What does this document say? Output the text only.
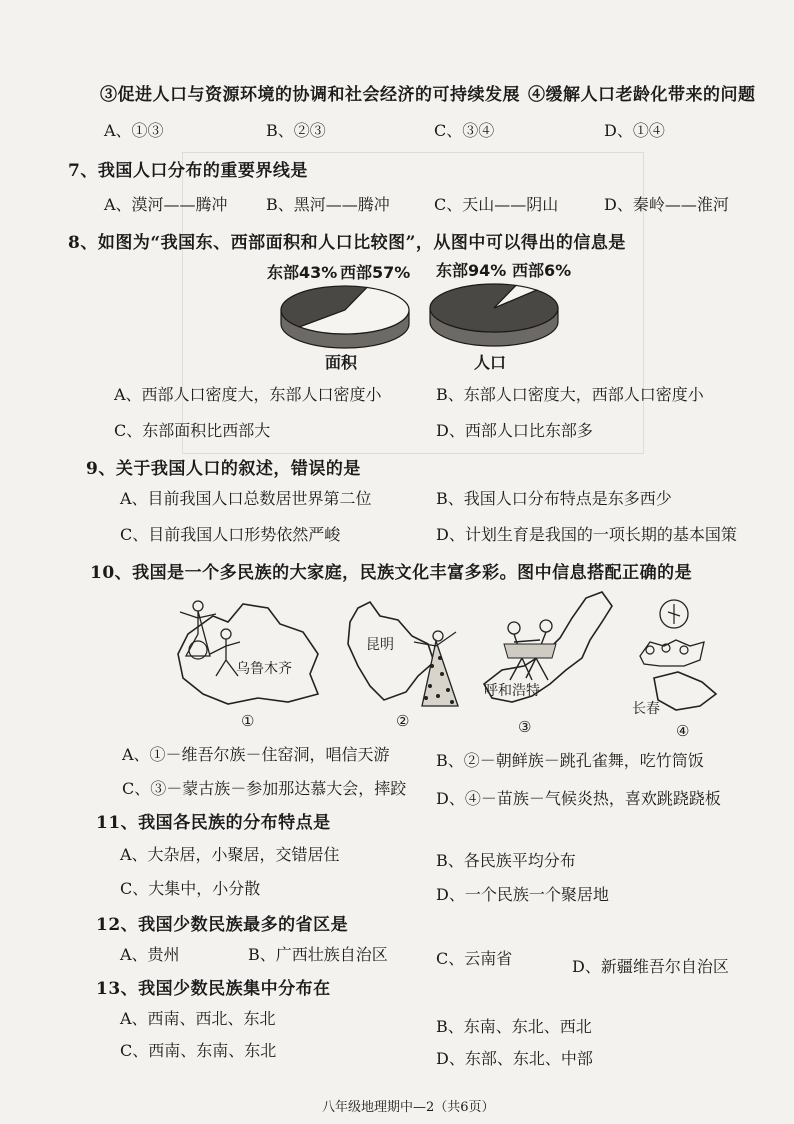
③促进人口与资源环境的协调和社会经济的可持续发展 ④缓解人口老龄化带来的问题
A、①③	B、②③	C、③④	D、①④
7、我国人口分布的重要界线是
A、漠河——腾冲 B、黑河——腾冲	C、天山——阴山	D、秦岭——淮河
8、如图为“我国东、西部面积和人口比较图”，从图中可以得出的信息是
东部43% 西部57% 东部94% 西部6%
面积	人口
A、西部人口密度大，东部人口密度小	B、东部人口密度大，西部人口密度小
C、东部面积比西部大	D、西部人口比东部多
9、关于我国人口的叙述，错误的是
A、目前我国人口总数居世界第二位	B、我国人口分布特点是东多西少
C、目前我国人口形势依然严峻	D、计划生育是我国的一项长期的基本国策
10、我国是一个多民族的大家庭，民族文化丰富多彩。图中信息搭配正确的是
乌鲁木齐
①
昆明
②
呼和浩特
③
长春
④
A、①－维吾尔族－住窑洞，唱信天游	B、②－朝鲜族－跳孔雀舞，吃竹筒饭
C、③－蒙古族－参加那达慕大会，摔跤
D、④－苗族－气候炎热，喜欢跳跷跷板
11、我国各民族的分布特点是
A、大杂居，小聚居，交错居住	B、各民族平均分布
C、大集中，小分散	D、一个民族一个聚居地
12、我国少数民族最多的省区是
A、贵州	B、广西壮族自治区	C、云南省	D、新疆维吾尔自治区
13、我国少数民族集中分布在
A、西南、西北、东北	B、东南、东北、西北
C、西南、东南、东北	D、东部、东北、中部
八年级地理期中—2（共6页）
